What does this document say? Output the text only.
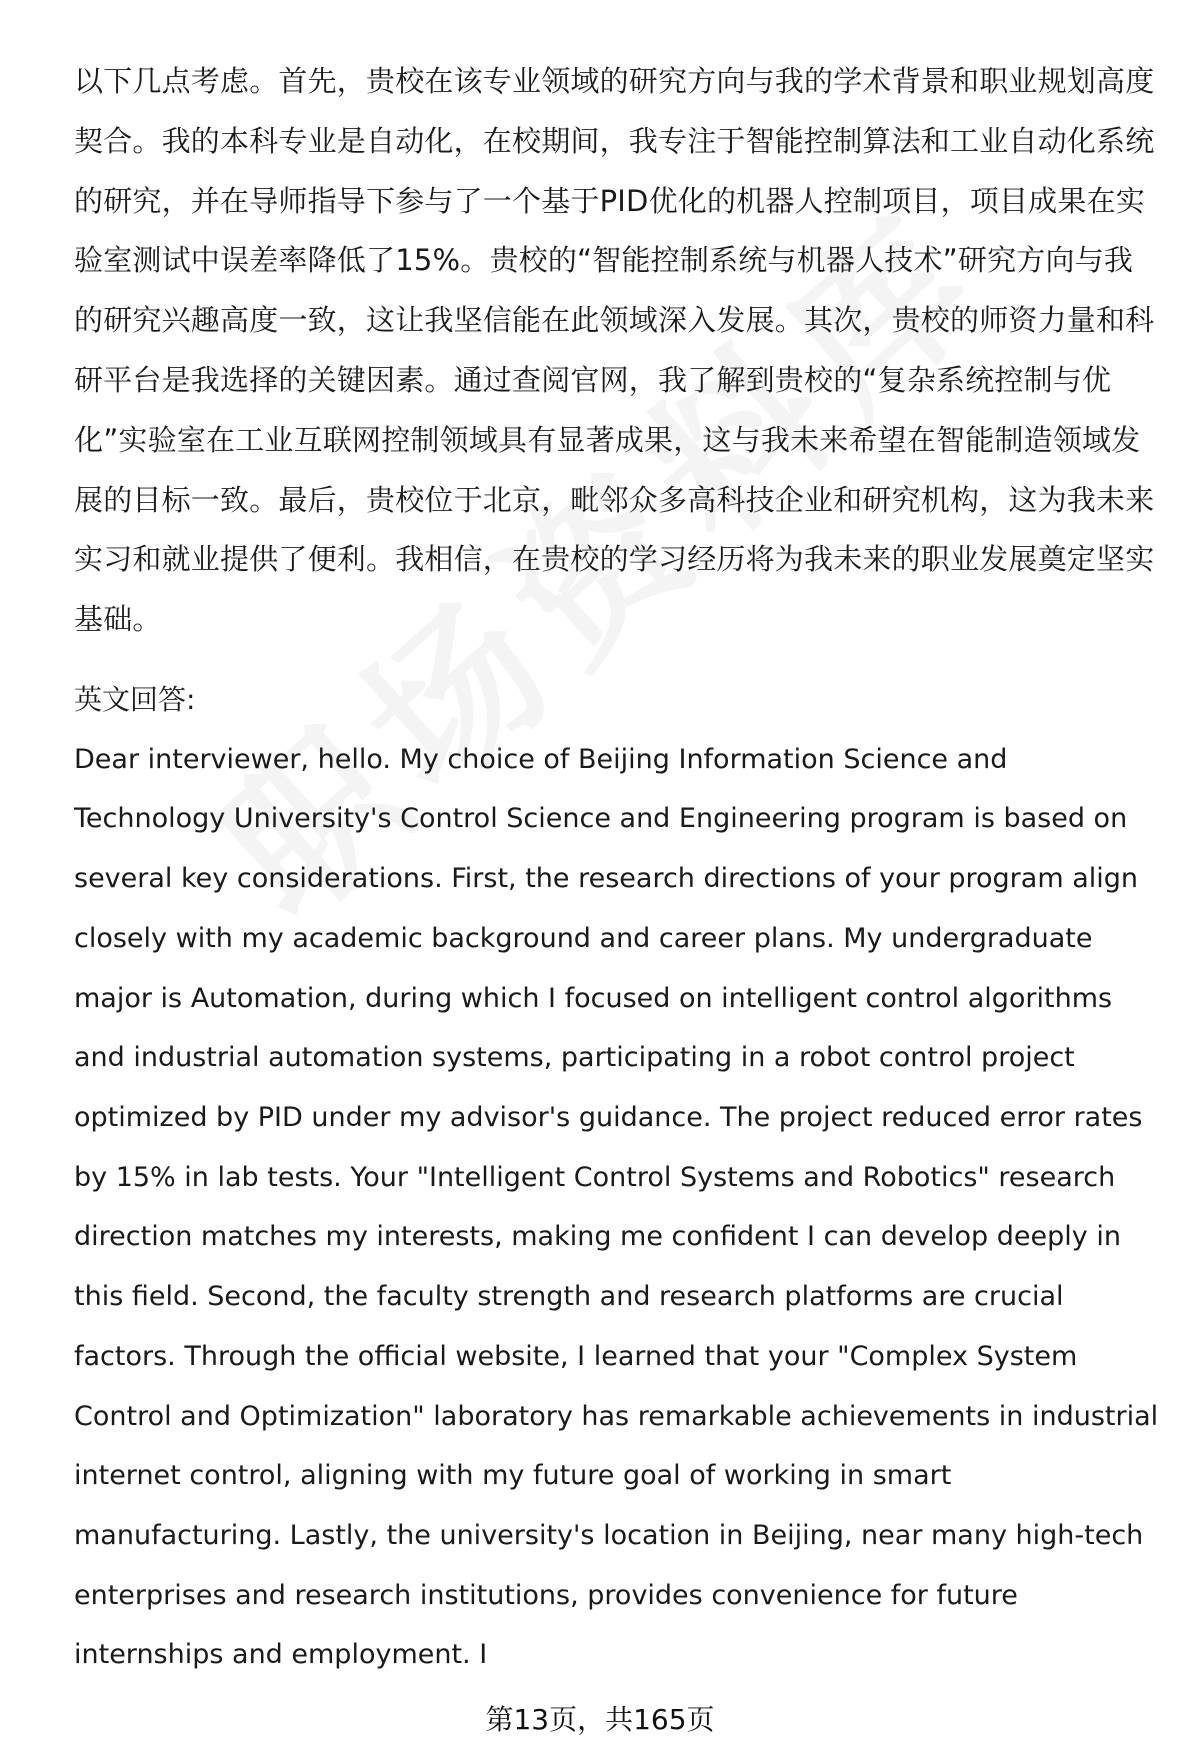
以下几点考虑。首先，贵校在该专业领域的研究方向与我的学术背景和职业规划高度契合。我的本科专业是自动化，在校期间，我专注于智能控制算法和工业自动化系统的研究，并在导师指导下参与了一个基于PID优化的机器人控制项目，项目成果在实验室测试中误差率降低了15%。贵校的“智能控制系统与机器人技术”研究方向与我的研究兴趣高度一致，这让我坚信能在此领域深入发展。其次，贵校的师资力量和科研平台是我选择的关键因素。通过查阅官网，我了解到贵校的“复杂系统控制与优化”实验室在工业互联网控制领域具有显著成果，这与我未来希望在智能制造领域发展的目标一致。最后，贵校位于北京，毗邻众多高科技企业和研究机构，这为我未来实习和就业提供了便利。我相信，在贵校的学习经历将为我未来的职业发展奠定坚实基础。

英文回答:

Dear interviewer, hello. My choice of Beijing Information Science and Technology University's Control Science and Engineering program is based on several key considerations. First, the research directions of your program align closely with my academic background and career plans. My undergraduate major is Automation, during which I focused on intelligent control algorithms and industrial automation systems, participating in a robot control project optimized by PID under my advisor's guidance. The project reduced error rates by 15% in lab tests. Your "Intelligent Control Systems and Robotics" research direction matches my interests, making me confident I can develop deeply in this field. Second, the faculty strength and research platforms are crucial factors. Through the official website, I learned that your "Complex System Control and Optimization" laboratory has remarkable achievements in industrial internet control, aligning with my future goal of working in smart manufacturing. Lastly, the university's location in Beijing, near many high-tech enterprises and research institutions, provides convenience for future internships and employment. I

第13页，共165页
